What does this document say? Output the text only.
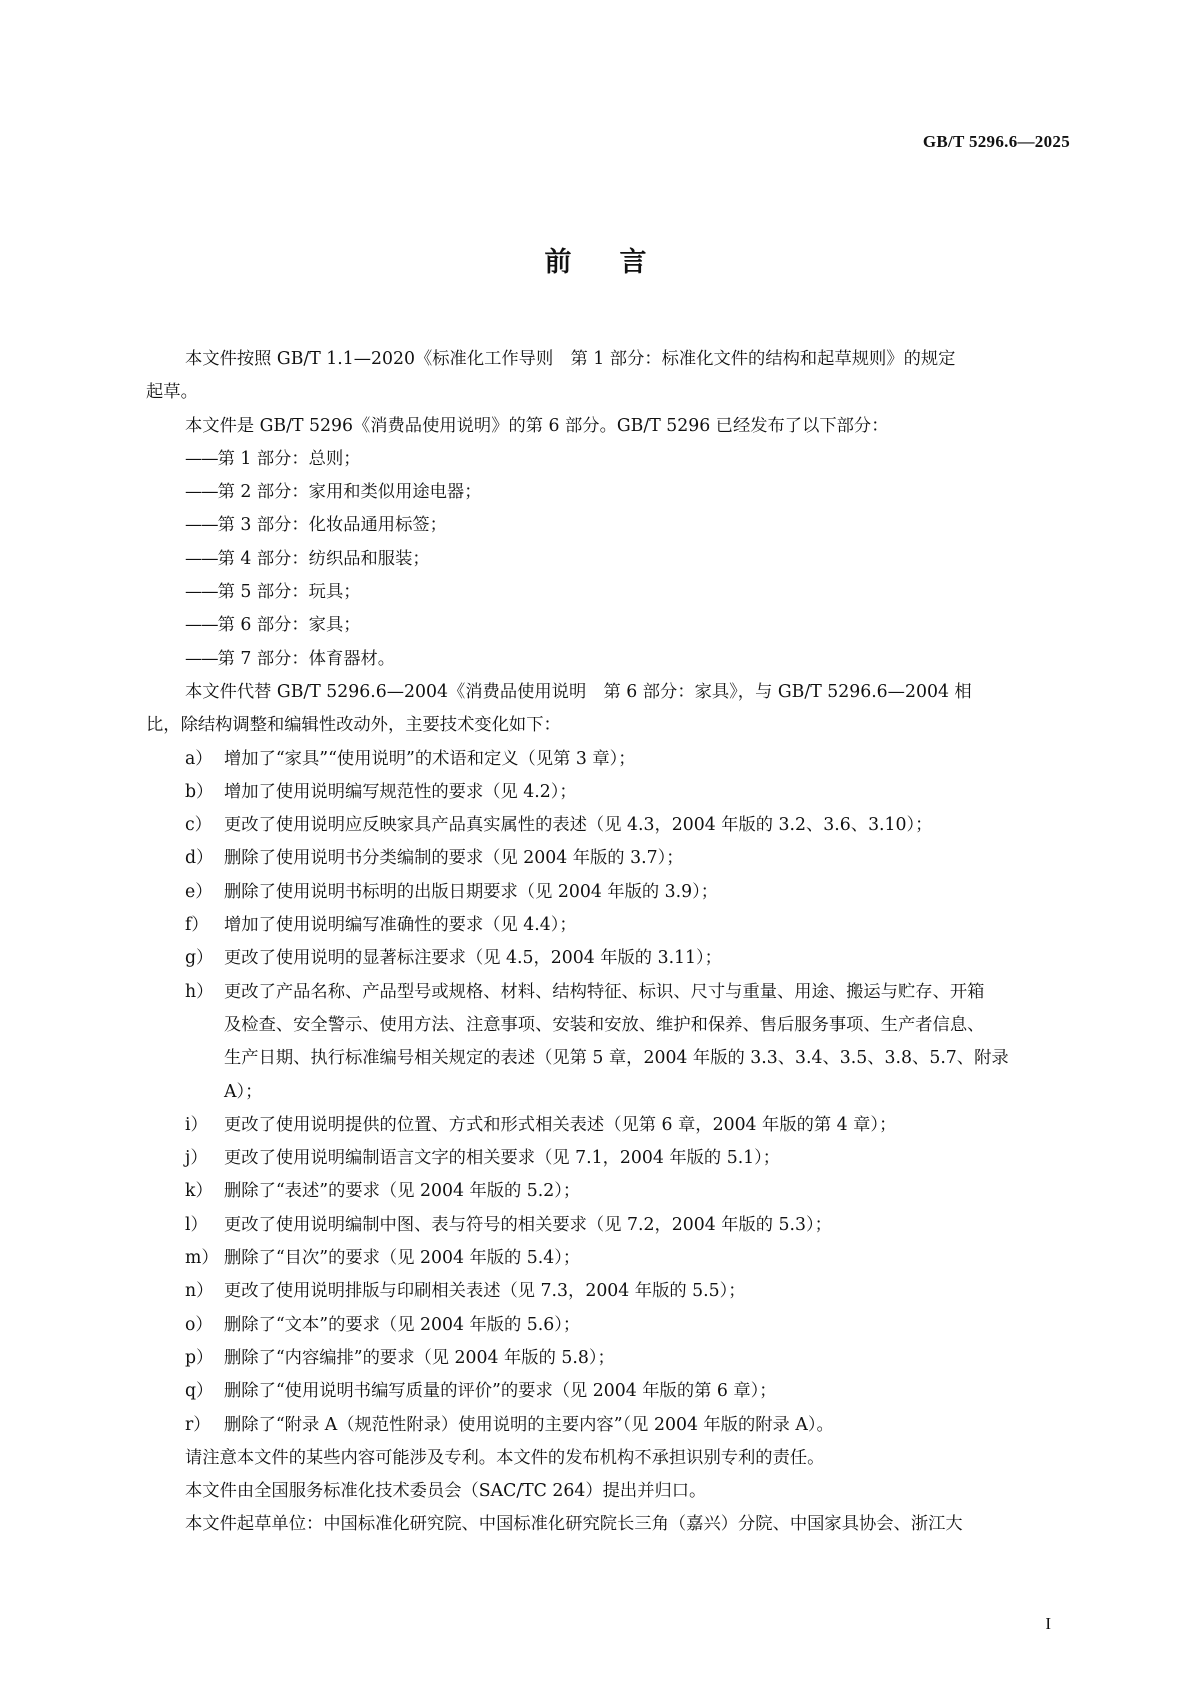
GB/T 5296.6—2025
前言
本文件按照 GB/T 1.1—2020《标准化工作导则　第 1 部分：标准化文件的结构和起草规则》的规定
起草。
本文件是 GB/T 5296《消费品使用说明》的第 6 部分。GB/T 5296 已经发布了以下部分：
——第 1 部分：总则；
——第 2 部分：家用和类似用途电器；
——第 3 部分：化妆品通用标签；
——第 4 部分：纺织品和服装；
——第 5 部分：玩具；
——第 6 部分：家具；
——第 7 部分：体育器材。
本文件代替 GB/T 5296.6—2004《消费品使用说明　第 6 部分：家具》，与 GB/T 5296.6—2004 相
比，除结构调整和编辑性改动外，主要技术变化如下：
a） 增加了“家具”“使用说明”的术语和定义（见第 3 章）；
b） 增加了使用说明编写规范性的要求（见 4.2）；
c） 更改了使用说明应反映家具产品真实属性的表述（见 4.3，2004 年版的 3.2、3.6、3.10）；
d） 删除了使用说明书分类编制的要求（见 2004 年版的 3.7）；
e） 删除了使用说明书标明的出版日期要求（见 2004 年版的 3.9）；
f） 增加了使用说明编写准确性的要求（见 4.4）；
g） 更改了使用说明的显著标注要求（见 4.5，2004 年版的 3.11）；
h） 更改了产品名称、产品型号或规格、材料、结构特征、标识、尺寸与重量、用途、搬运与贮存、开箱
及检查、安全警示、使用方法、注意事项、安装和安放、维护和保养、售后服务事项、生产者信息、
生产日期、执行标准编号相关规定的表述（见第 5 章，2004 年版的 3.3、3.4、3.5、3.8、5.7、附录
A）；
i） 更改了使用说明提供的位置、方式和形式相关表述（见第 6 章，2004 年版的第 4 章）；
j） 更改了使用说明编制语言文字的相关要求（见 7.1，2004 年版的 5.1）；
k） 删除了“表述”的要求（见 2004 年版的 5.2）；
l） 更改了使用说明编制中图、表与符号的相关要求（见 7.2，2004 年版的 5.3）；
m） 删除了“目次”的要求（见 2004 年版的 5.4）；
n） 更改了使用说明排版与印刷相关表述（见 7.3，2004 年版的 5.5）；
o） 删除了“文本”的要求（见 2004 年版的 5.6）；
p） 删除了“内容编排”的要求（见 2004 年版的 5.8）；
q） 删除了“使用说明书编写质量的评价”的要求（见 2004 年版的第 6 章）；
r） 删除了“附录 A（规范性附录）使用说明的主要内容”（见 2004 年版的附录 A）。
请注意本文件的某些内容可能涉及专利。本文件的发布机构不承担识别专利的责任。
本文件由全国服务标准化技术委员会（SAC/TC 264）提出并归口。
本文件起草单位：中国标准化研究院、中国标准化研究院长三角（嘉兴）分院、中国家具协会、浙江大
I
